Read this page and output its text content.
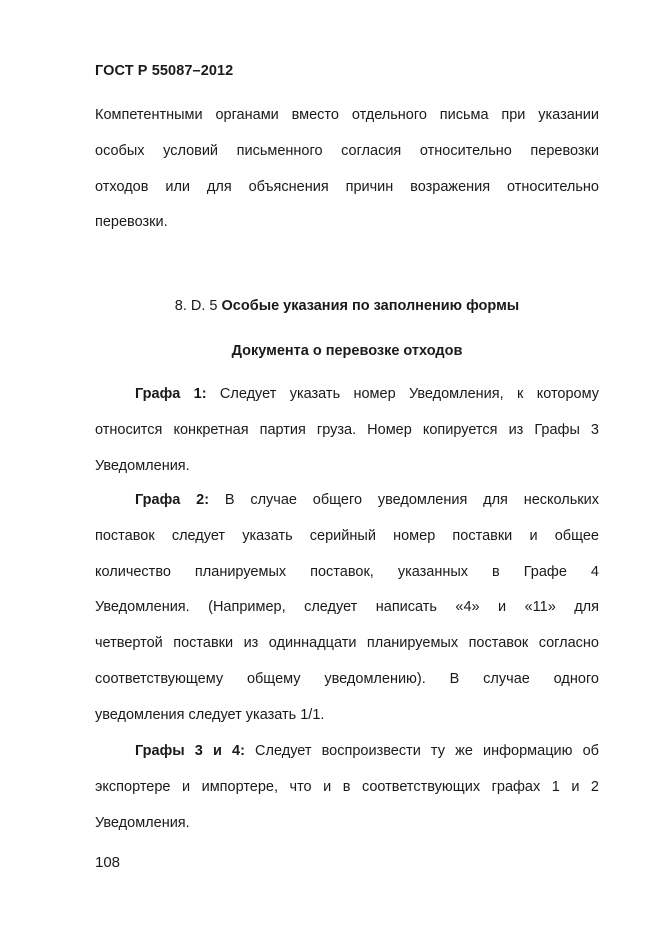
ГОСТ Р 55087–2012
Компетентными органами вместо отдельного письма при указании
особых условий письменного согласия относительно перевозки
отходов или для объяснения причин возражения относительно
перевозки.
8. D. 5 Особые указания по заполнению формы
Документа о перевозке отходов
Графа 1: Следует указать номер Уведомления, к которому
относится конкретная партия груза. Номер копируется из Графы 3
Уведомления.
Графа 2: В случае общего уведомления для нескольких
поставок следует указать серийный номер поставки и общее
количество планируемых поставок, указанных в Графе 4
Уведомления. (Например, следует написать «4» и «11» для
четвертой поставки из одиннадцати планируемых поставок согласно
соответствующему общему уведомлению). В случае одного
уведомления следует указать 1/1.
Графы 3 и 4: Следует воспроизвести ту же информацию об
экспортере и импортере, что и в соответствующих графах 1 и 2
Уведомления.
108
